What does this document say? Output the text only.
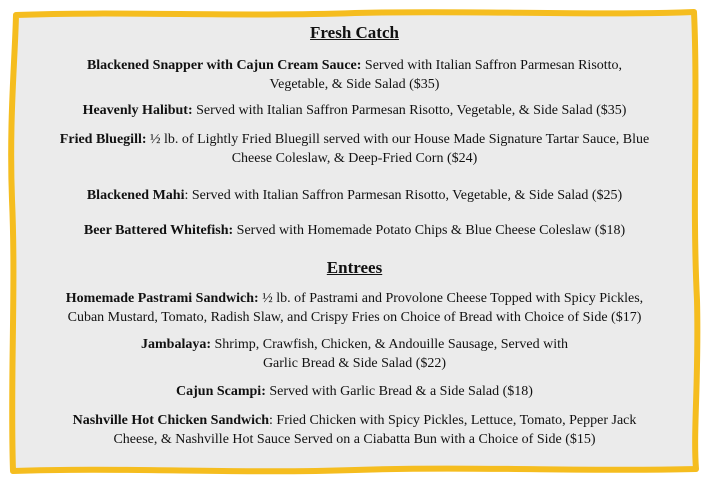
Fresh Catch
Blackened Snapper with Cajun Cream Sauce: Served with Italian Saffron Parmesan Risotto,
Vegetable, & Side Salad ($35)
Heavenly Halibut: Served with Italian Saffron Parmesan Risotto, Vegetable, & Side Salad ($35)
Fried Bluegill: ½ lb. of Lightly Fried Bluegill served with our House Made Signature Tartar Sauce, Blue
Cheese Coleslaw, & Deep-Fried Corn ($24)
Blackened Mahi: Served with Italian Saffron Parmesan Risotto, Vegetable, & Side Salad ($25)
Beer Battered Whitefish: Served with Homemade Potato Chips & Blue Cheese Coleslaw ($18)
Entrees
Homemade Pastrami Sandwich: ½ lb. of Pastrami and Provolone Cheese Topped with Spicy Pickles,
Cuban Mustard, Tomato, Radish Slaw, and Crispy Fries on Choice of Bread with Choice of Side ($17)
Jambalaya: Shrimp, Crawfish, Chicken, & Andouille Sausage, Served with
Garlic Bread & Side Salad ($22)
Cajun Scampi: Served with Garlic Bread & a Side Salad ($18)
Nashville Hot Chicken Sandwich: Fried Chicken with Spicy Pickles, Lettuce, Tomato, Pepper Jack
Cheese, & Nashville Hot Sauce Served on a Ciabatta Bun with a Choice of Side ($15)
